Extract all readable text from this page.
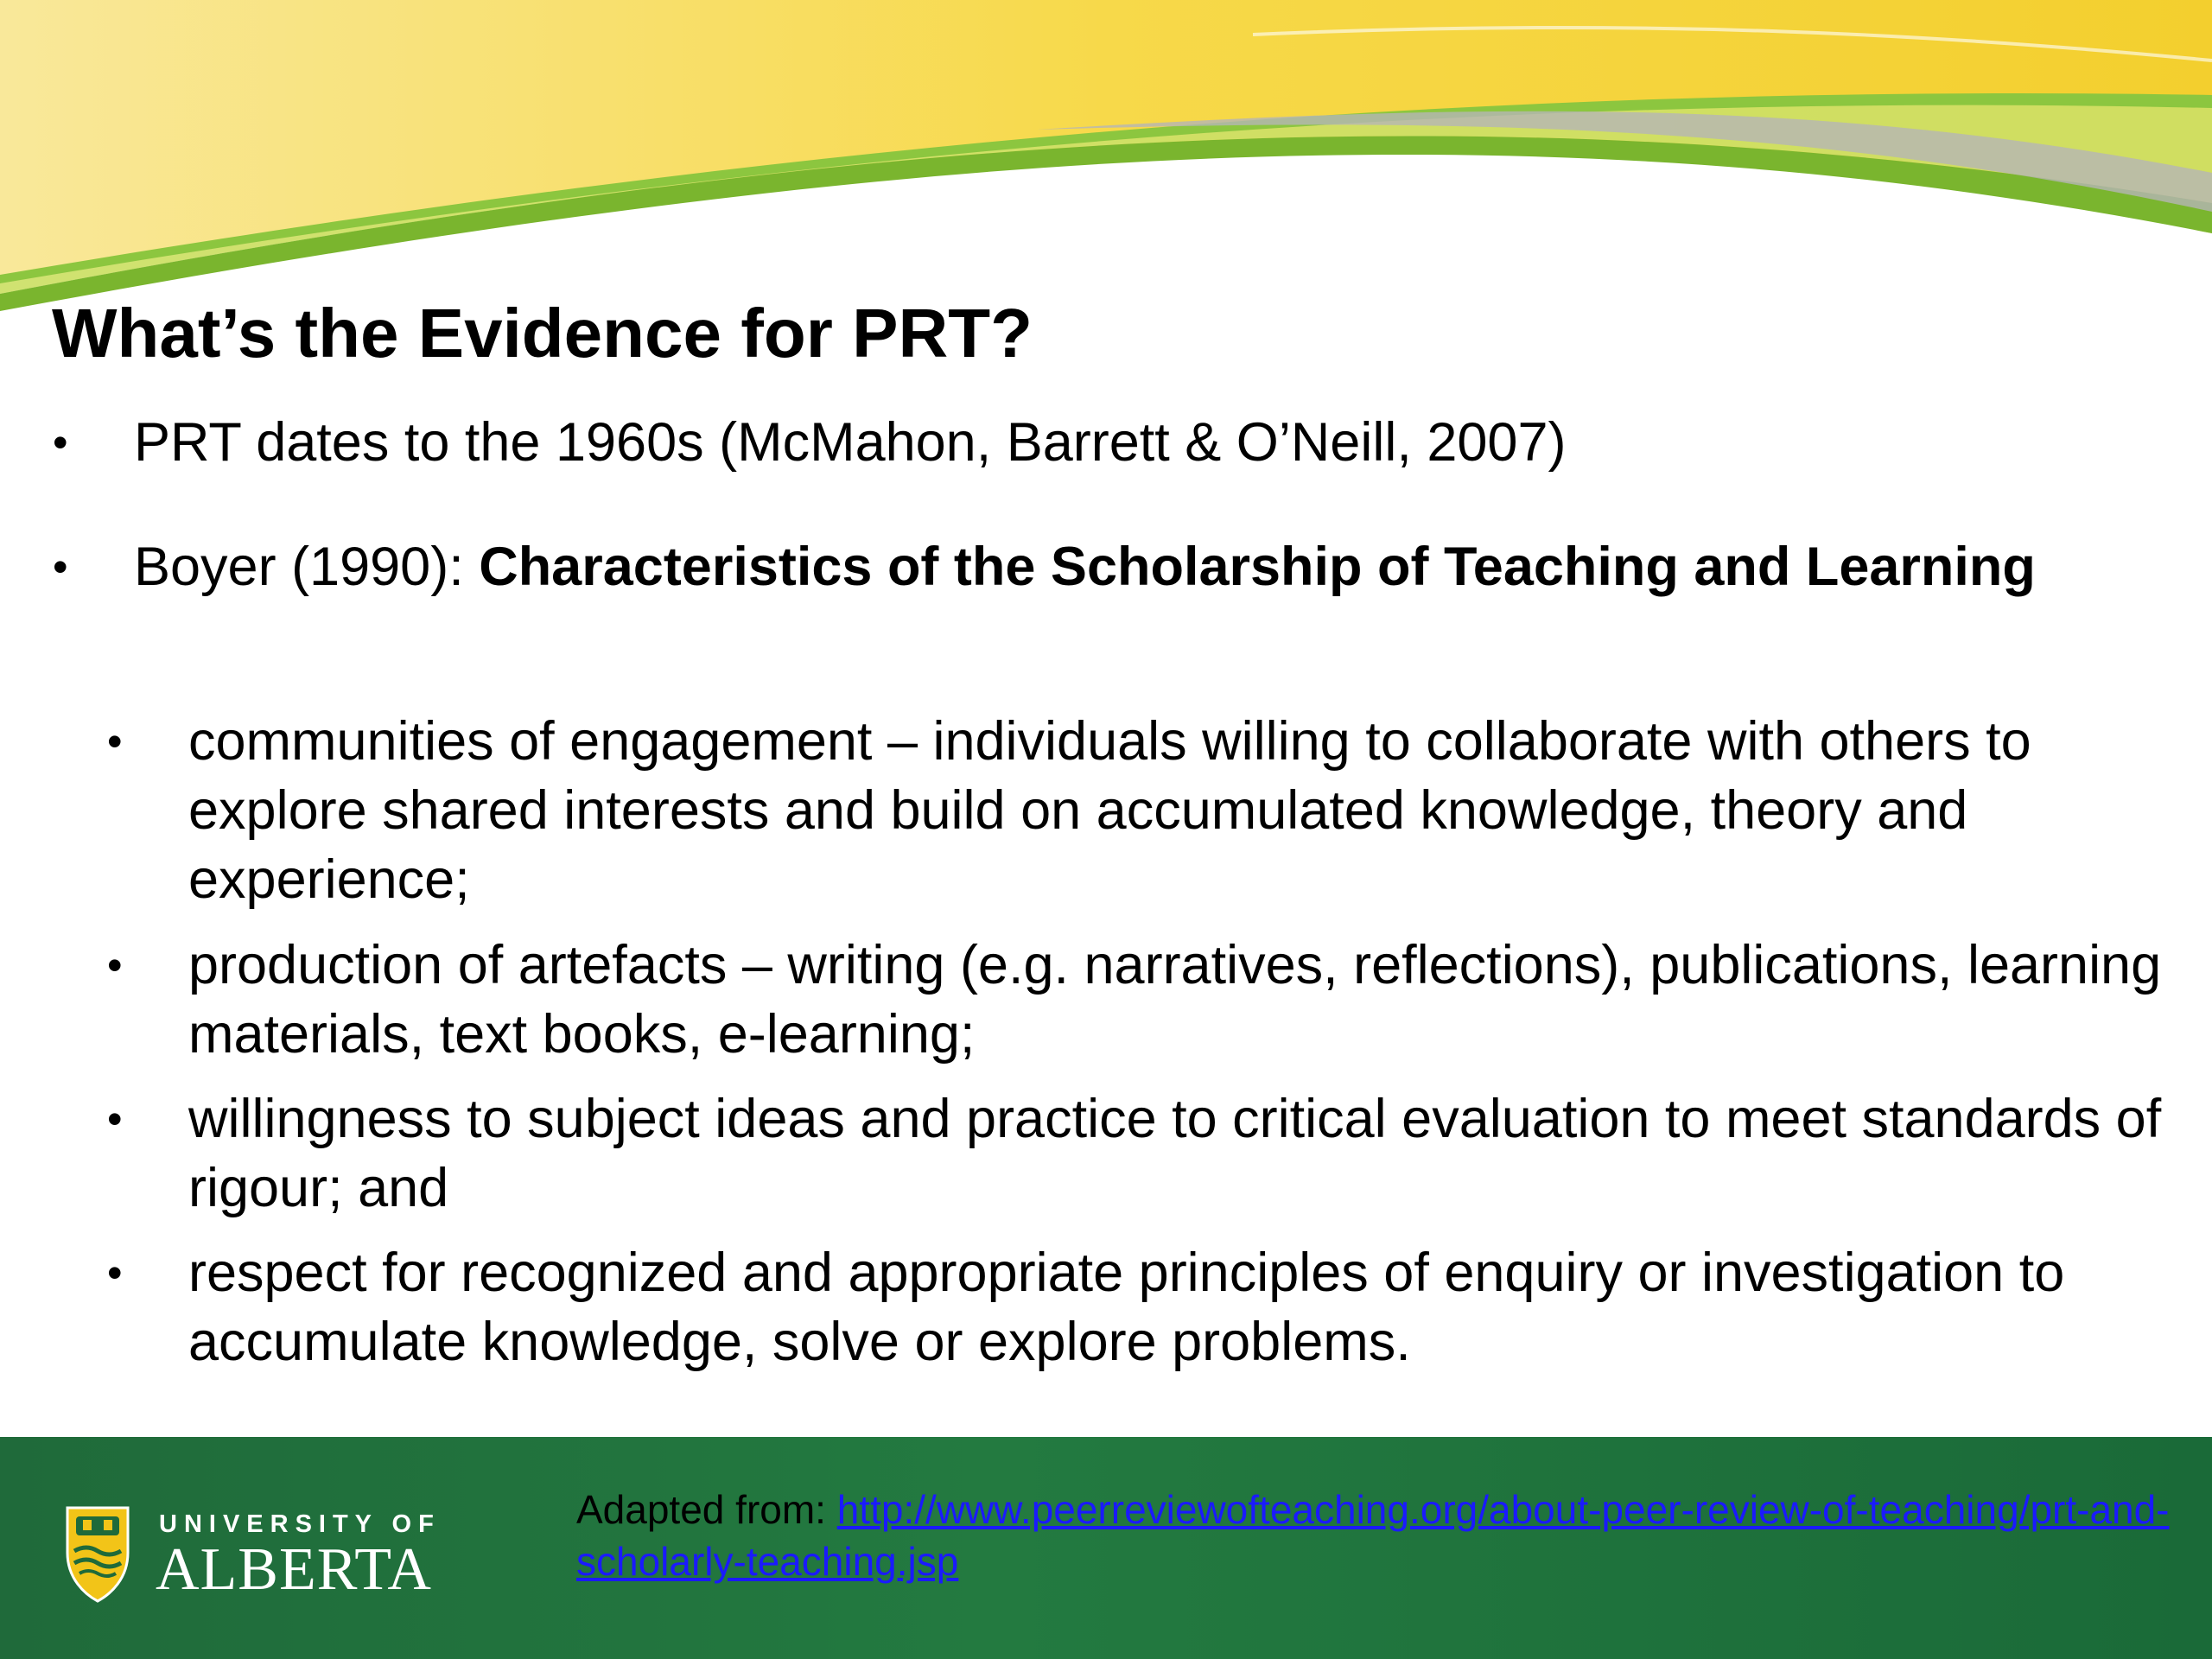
What’s the Evidence for PRT?
• PRT dates to the 1960s (McMahon, Barrett & O’Neill, 2007)
• Boyer (1990): Characteristics of the Scholarship of Teaching and Learning
• communities of engagement – individuals willing to collaborate with others to explore shared interests and build on accumulated knowledge, theory and experience;
• production of artefacts – writing (e.g. narratives, reflections), publications, learning materials, text books, e-learning;
• willingness to subject ideas and practice to critical evaluation to meet standards of rigour; and
• respect for recognized and appropriate principles of enquiry or investigation to accumulate knowledge, solve or explore problems.
UNIVERSITY OF
ALBERTA
Adapted from: http://www.peerreviewofteaching.org/about-peer-review-of-teaching/prt-and-scholarly-teaching.jsp
